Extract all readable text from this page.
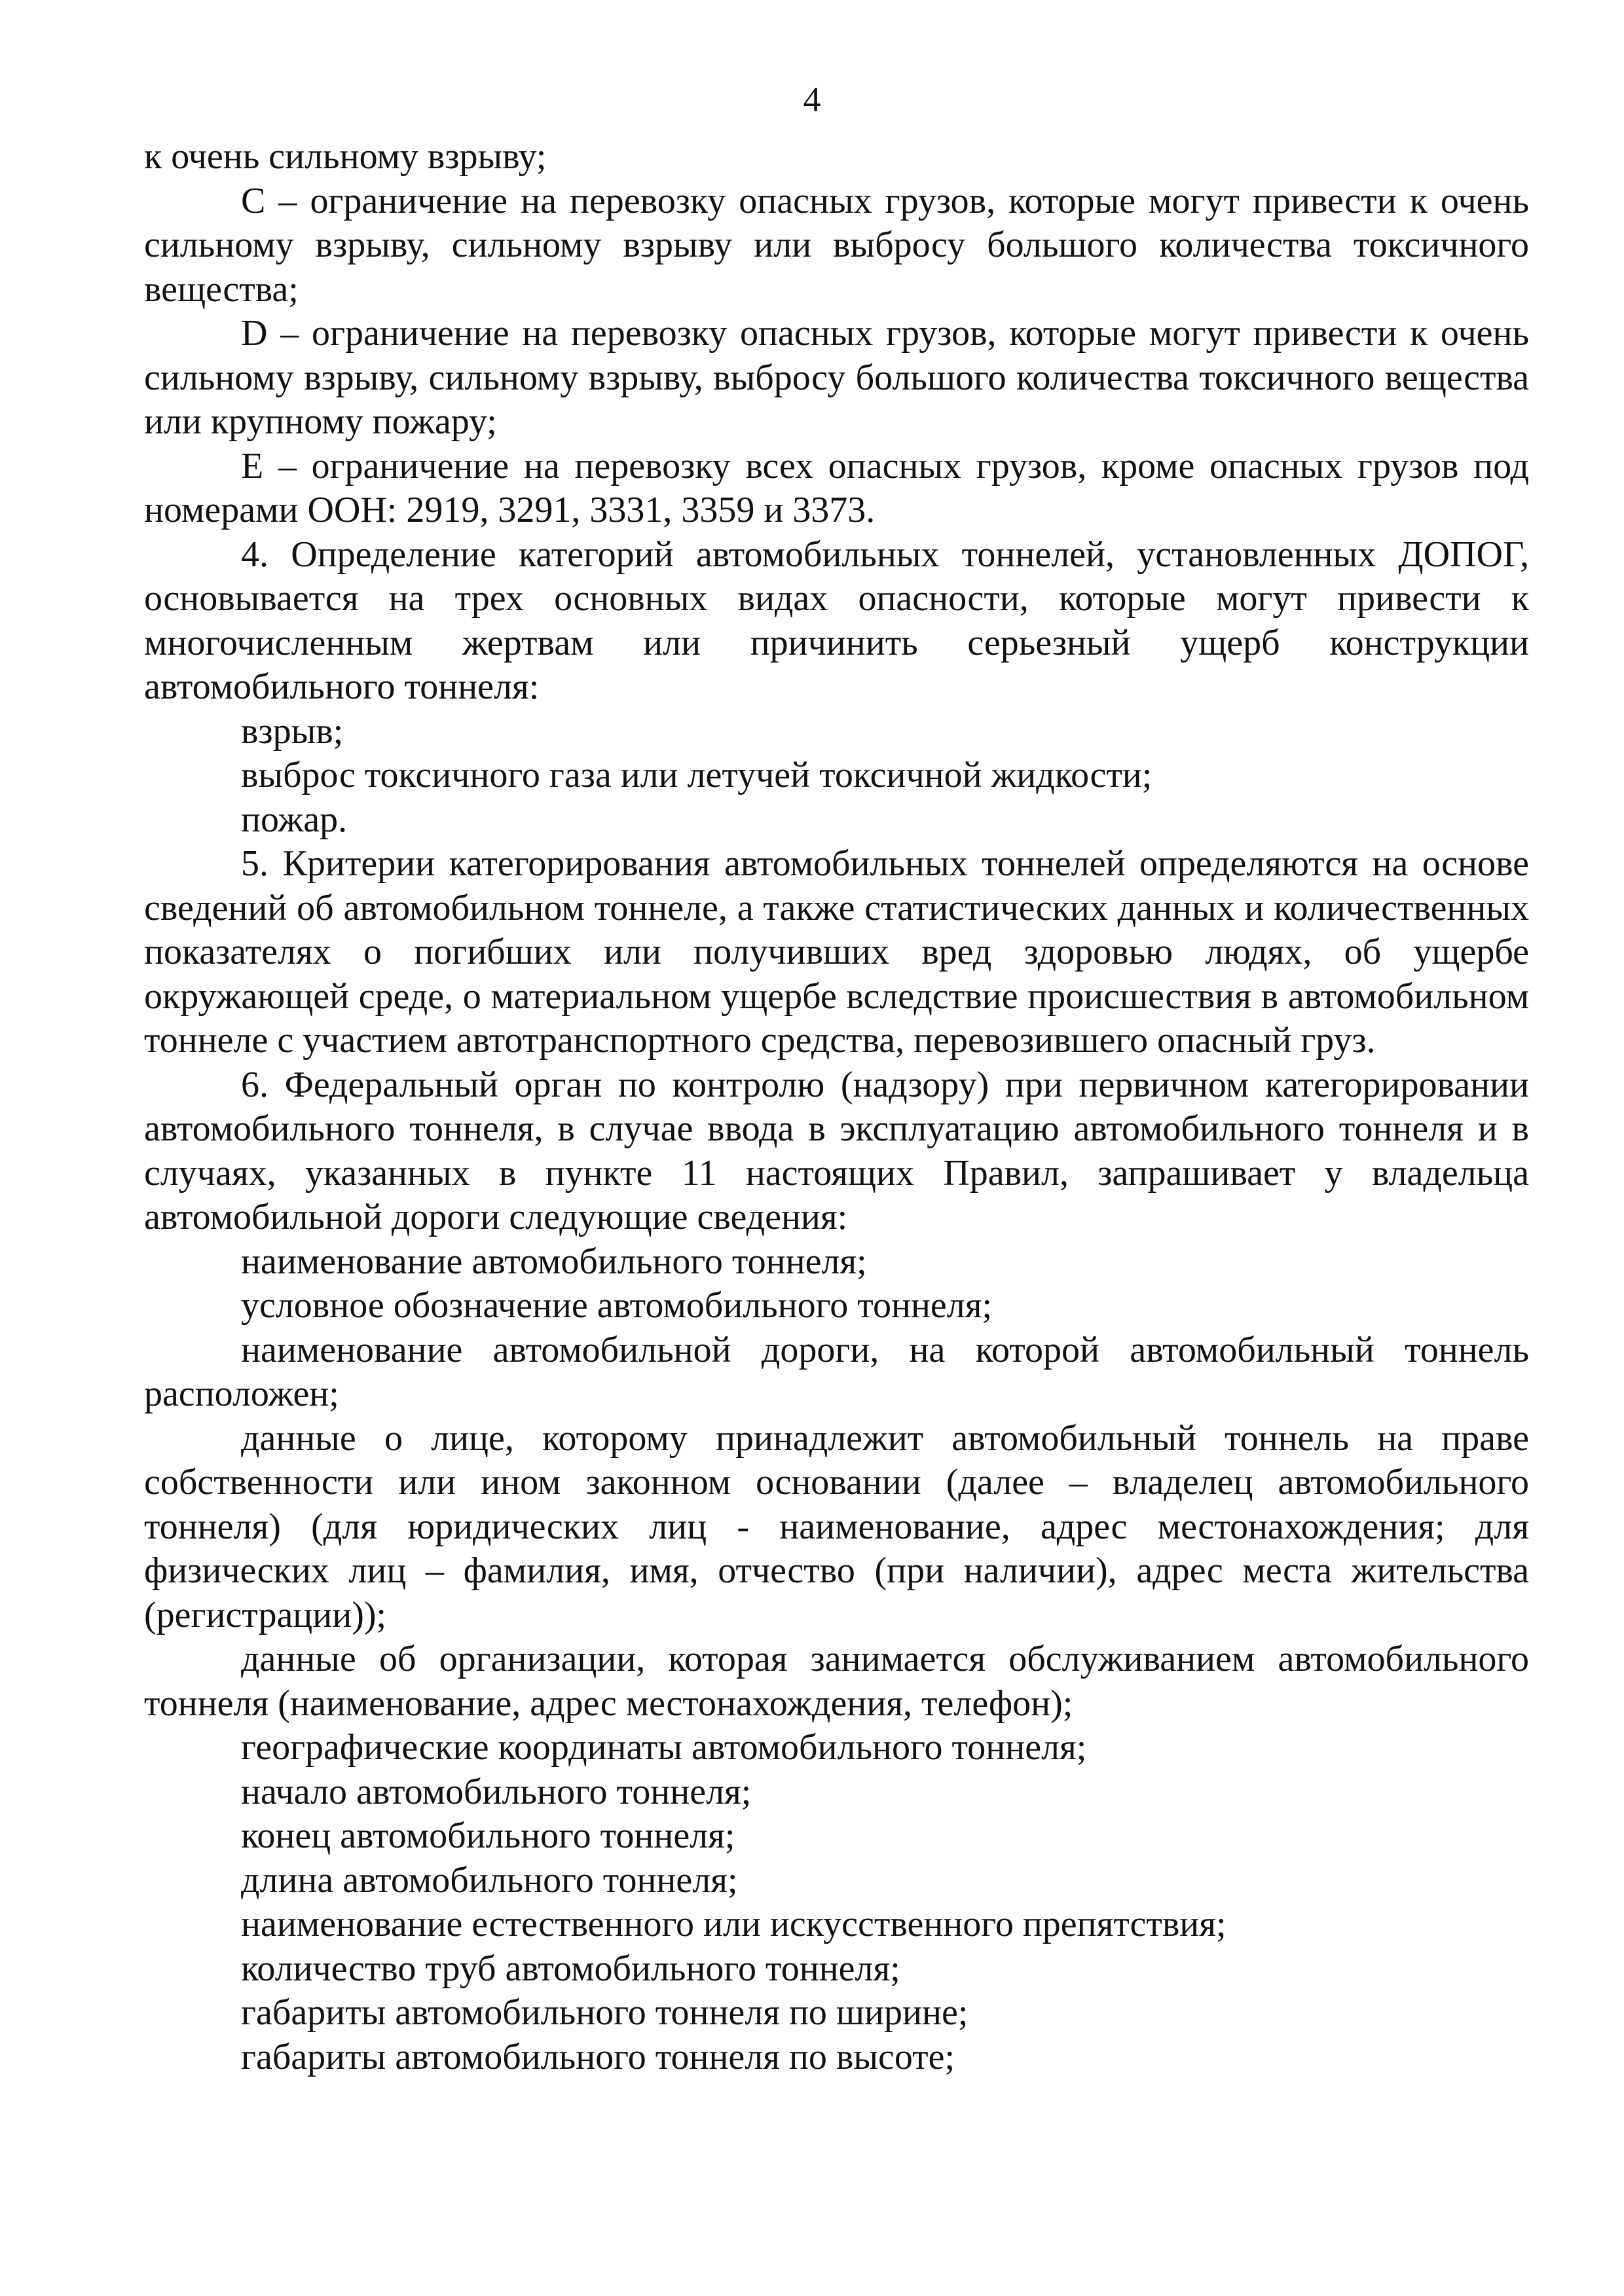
4

к очень сильному взрыву;

C – ограничение на перевозку опасных грузов, которые могут привести к очень сильному взрыву, сильному взрыву или выбросу большого количества токсичного вещества;

D – ограничение на перевозку опасных грузов, которые могут привести к очень сильному взрыву, сильному взрыву, выбросу большого количества токсичного вещества или крупному пожару;

E – ограничение на перевозку всех опасных грузов, кроме опасных грузов под номерами ООН: 2919, 3291, 3331, 3359 и 3373.

4. Определение категорий автомобильных тоннелей, установленных ДОПОГ, основывается на трех основных видах опасности, которые могут привести к многочисленным жертвам или причинить серьезный ущерб конструкции автомобильного тоннеля:

взрыв;

выброс токсичного газа или летучей токсичной жидкости;

пожар.

5. Критерии категорирования автомобильных тоннелей определяются на основе сведений об автомобильном тоннеле, а также статистических данных и количественных показателях о погибших или получивших вред здоровью людях, об ущербе окружающей среде, о материальном ущербе вследствие происшествия в автомобильном тоннеле с участием автотранспортного средства, перевозившего опасный груз.

6. Федеральный орган по контролю (надзору) при первичном категорировании автомобильного тоннеля, в случае ввода в эксплуатацию автомобильного тоннеля и в случаях, указанных в пункте 11 настоящих Правил, запрашивает у владельца автомобильной дороги следующие сведения:

наименование автомобильного тоннеля;

условное обозначение автомобильного тоннеля;

наименование автомобильной дороги, на которой автомобильный тоннель расположен;

данные о лице, которому принадлежит автомобильный тоннель на праве собственности или ином законном основании (далее – владелец автомобильного тоннеля) (для юридических лиц - наименование, адрес местонахождения; для физических лиц – фамилия, имя, отчество (при наличии), адрес места жительства (регистрации));

данные об организации, которая занимается обслуживанием автомобильного тоннеля (наименование, адрес местонахождения, телефон);

географические координаты автомобильного тоннеля;

начало автомобильного тоннеля;

конец автомобильного тоннеля;

длина автомобильного тоннеля;

наименование естественного или искусственного препятствия;

количество труб автомобильного тоннеля;

габариты автомобильного тоннеля по ширине;

габариты автомобильного тоннеля по высоте;
